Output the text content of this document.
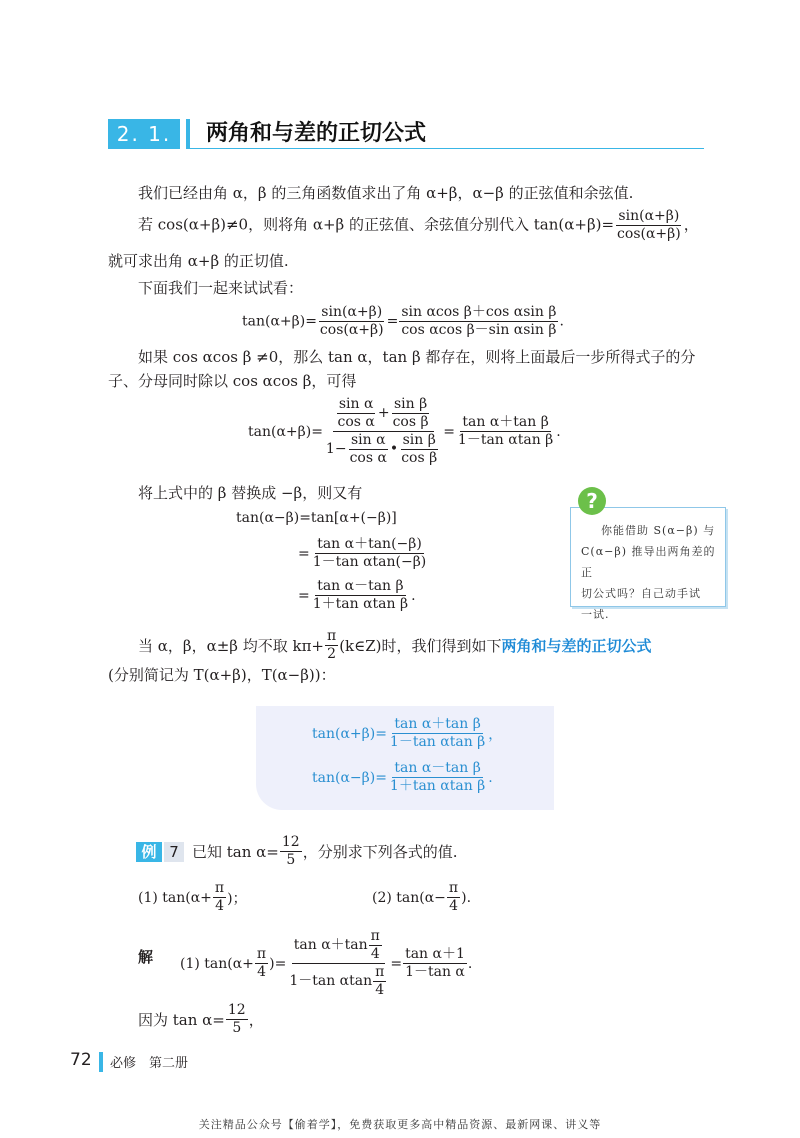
2. 1. 3
两角和与差的正切公式
我们已经由角 α，β 的三角函数值求出了角 α+β，α−β 的正弦值和余弦值.
若 cos(α+β)≠0，则将角 α+β 的正弦值、余弦值分别代入 $\tan(\alpha+\beta)= \frac{\sin(\alpha+\beta)}{\cos(\alpha+\beta)}$ ，
就可求出角 α+β 的正切值.
下面我们一起来试试看：
$\tan(\alpha+\beta)= \frac{\sin(\alpha+\beta)}{\cos(\alpha+\beta)} = \frac{\text{sin αcos β＋cos αsin β}}{\text{cos αcos β－sin αsin β}}$ .
如果 cos αcos β ≠0，那么 tan α，tan β 都存在，则将上面最后一步所得式子的分
子、分母同时除以 cos αcos β，可得
$\tan(\alpha+\beta)= \frac{\frac{\text{sin α}}{\text{cos α}} + \frac{\text{sin β}}{\text{cos β}}}{1- \frac{\text{sin α}}{\text{cos α}} • \frac{\text{sin β}}{\text{cos β}}} = \frac{\text{tan α＋tan β}}{\text{1－tan αtan β}}$ .
将上式中的 β 替换成 −β，则又有
tan(α−β)=tan[α+(−β)]
= $\frac{\text{tan α＋tan(−β)}}{\text{1－tan αtan(−β)}}$
= $\frac{\text{tan α－tan β}}{\text{1＋tan αtan β}}$ .
你能借助 S(α−β) 与
C(α−β) 推导出两角差的正
切公式吗？自己动手试
一试.
?
当 α，β，α±β 均不取 $k\pi+ \frac{\pi}{2}$ (k∈Z)时，我们得到如下 两角和与差的正切公式
(分别简记为 T(α+β)，T(α−β))：
$\tan(\alpha+\beta)= \frac{\text{tan α＋tan β}}{\text{1－tan αtan β}}$ ，
$\tan(\alpha-\beta)= \frac{\text{tan α－tan β}}{\text{1＋tan αtan β}}$ .
例 7 已知 $\tan \alpha= \frac{12}{5}$ ，分别求下列各式的值.
(1) $\tan(\alpha+ \frac{\pi}{4}$ )；	(2) $\tan(\alpha- \frac{\pi}{4}$ ).
解 (1) $\tan(\alpha+ \frac{\pi}{4}$ )= $\frac{\tan \alpha+\tan \frac{\pi}{4}}{1-\tan \alpha\tan \frac{\pi}{4}} = \frac{\text{tan α＋1}}{\text{1－tan α}}$ .
因为 $\tan \alpha= \frac{12}{5}$ ，
72 必修　第二册
关注精品公众号【偷着学】，免费获取更多高中精品资源、最新网课、讲义等
